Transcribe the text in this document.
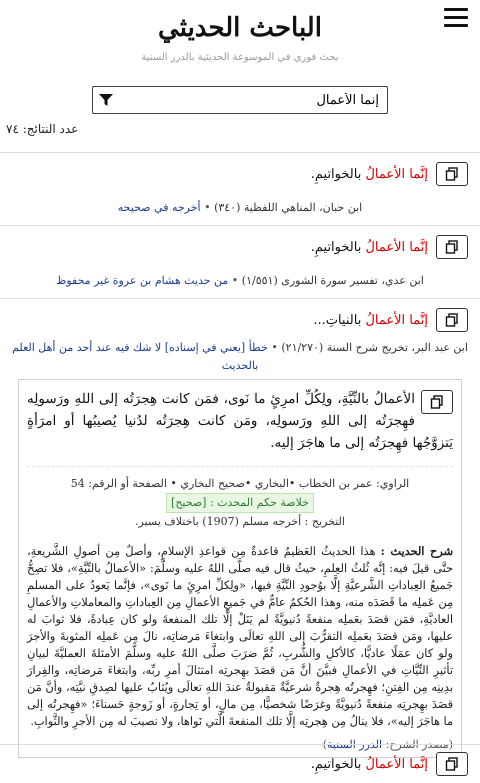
الباحث الحديثي
بحث فوري في الموسوعة الحديثية بالدرر السنية
إنما الأعمال
عدد النتائج: ٧٤
إنَّما الأعمالُ بالخواتيمِ.
ابن حبان، المناهي اللفظية (٣٤٠) • أخرجه في صحيحه
إنَّما الأعمالُ بالخواتيمِ.
ابن عدي، تفسير سورة الشورى (١/٥٥١) • من حديث هشام بن عروة غير محفوظ
إنَّما الأعمالُ بالنياتِ...
ابن عبد البر، تخريج شرح السنة (٢١/٢٧٠) • خطأ [يعني في إسناده] لا شك فيه عند أحد من أهل العلم بالحديث
الأعمالُ بالنِّيَّةِ، ولِكُلِّ امرِئٍ ما نَوى، فمَن كانت هِجرَتُه إلى اللهِ ورَسولِه فهِجرَتُه إلى اللهِ ورَسولِه، ومَن كانت هِجرَتُه لدُنيا يُصيبُها أو امرَأةٍ يَتزوَّجُها فهِجرَتُه إلى ما هاجَرَ إليه.
الراوي: عمر بن الخطاب •البخاري •صحيح البخاري • الصفحة أو الرقم: 54
خلاصة حكم المحدث : [صحيح]
التخريج : أخرجه مسلم (1907) باختلاف يسير.
شرح الحديث : هذا الحديثُ العَظيمُ قاعدةٌ مِن قواعدِ الإسلامِ، وأصلٌ مِن أصولِ الشَّريعةِ، حتَّى قيلَ فيه: إنَّه ثُلثُ العِلمِ، حيثُ قال فيه صلَّى اللهُ عليه وسلَّمَ: «الأعمالُ بالنِّيَّةِ»، فلا تصِحُّ جَميعُ العِباداتِ الشَّرعيَّةِ إلَّا بوُجودِ النِّيَّةِ فيها، «ولِكلِّ امرِئٍ ما نَوى»، فإنَّما يَعودُ على المسلمِ مِن عَملِه ما قَصَدَه منه، وهذا الحُكمُ عامٌّ في جَميعِ الأعمالِ مِن العِباداتِ والمعاملاتِ والأعمالِ العاديَّةِ، فمَن قصَدَ بعَملِه منفعةً دُنيويَّةً لم يَنَلْ إلَّا تلك المنفعةَ ولو كان عِبادةً، فلا ثوابَ له عليها، ومَن قصَدَ بعَملِه التقرُّبَ إلى اللهِ تعالَى وابتغاءَ مَرضاتِه، نالَ مِن عَملِه المثوبةَ والأجرَ ولو كان عمَلًا عاديًّا، كالأكلِ والشُّربِ، ثُمَّ ضرَبَ صلَّى اللهُ عليه وسلَّمَ الأمثلةَ العمليَّةَ لبيانِ تأثيرِ النِّيَّاتِ في الأعمالِ فبيَّنَ أنَّ مَن قصَدَ بهِجرتِه امتثالَ أمرِ ربِّه، وابتغاءَ مَرضاتِه، والفِرارَ بدِينِه مِن الفِتنِ؛ فهِجرتُه هِجرةٌ شرعيَّةٌ مَقبولةٌ عندَ اللهِ تعالَى ويُثابُ عليها لصِدقِ نيَّتِه، وأنَّ مَن قصَدَ بهِجرتِه منفعةً دُنيويَّةً وغرَضًا شخصيًّا، مِن مالٍ، أو تِجارةٍ، أو زَوجةٍ حَسناءَ؛ «فهِجرتُه إلى ما هاجَرَ إليه»، فلا ينالُ مِن هِجرتِه إلَّا تلك المنفعةَ الَّتي نَواها، ولا نصيبَ له مِن الأجرِ والثَّوابِ.
(مصدر الشرح: الدرر السنية)
إنَّما الأعمالُ بالخواتيمِ.
